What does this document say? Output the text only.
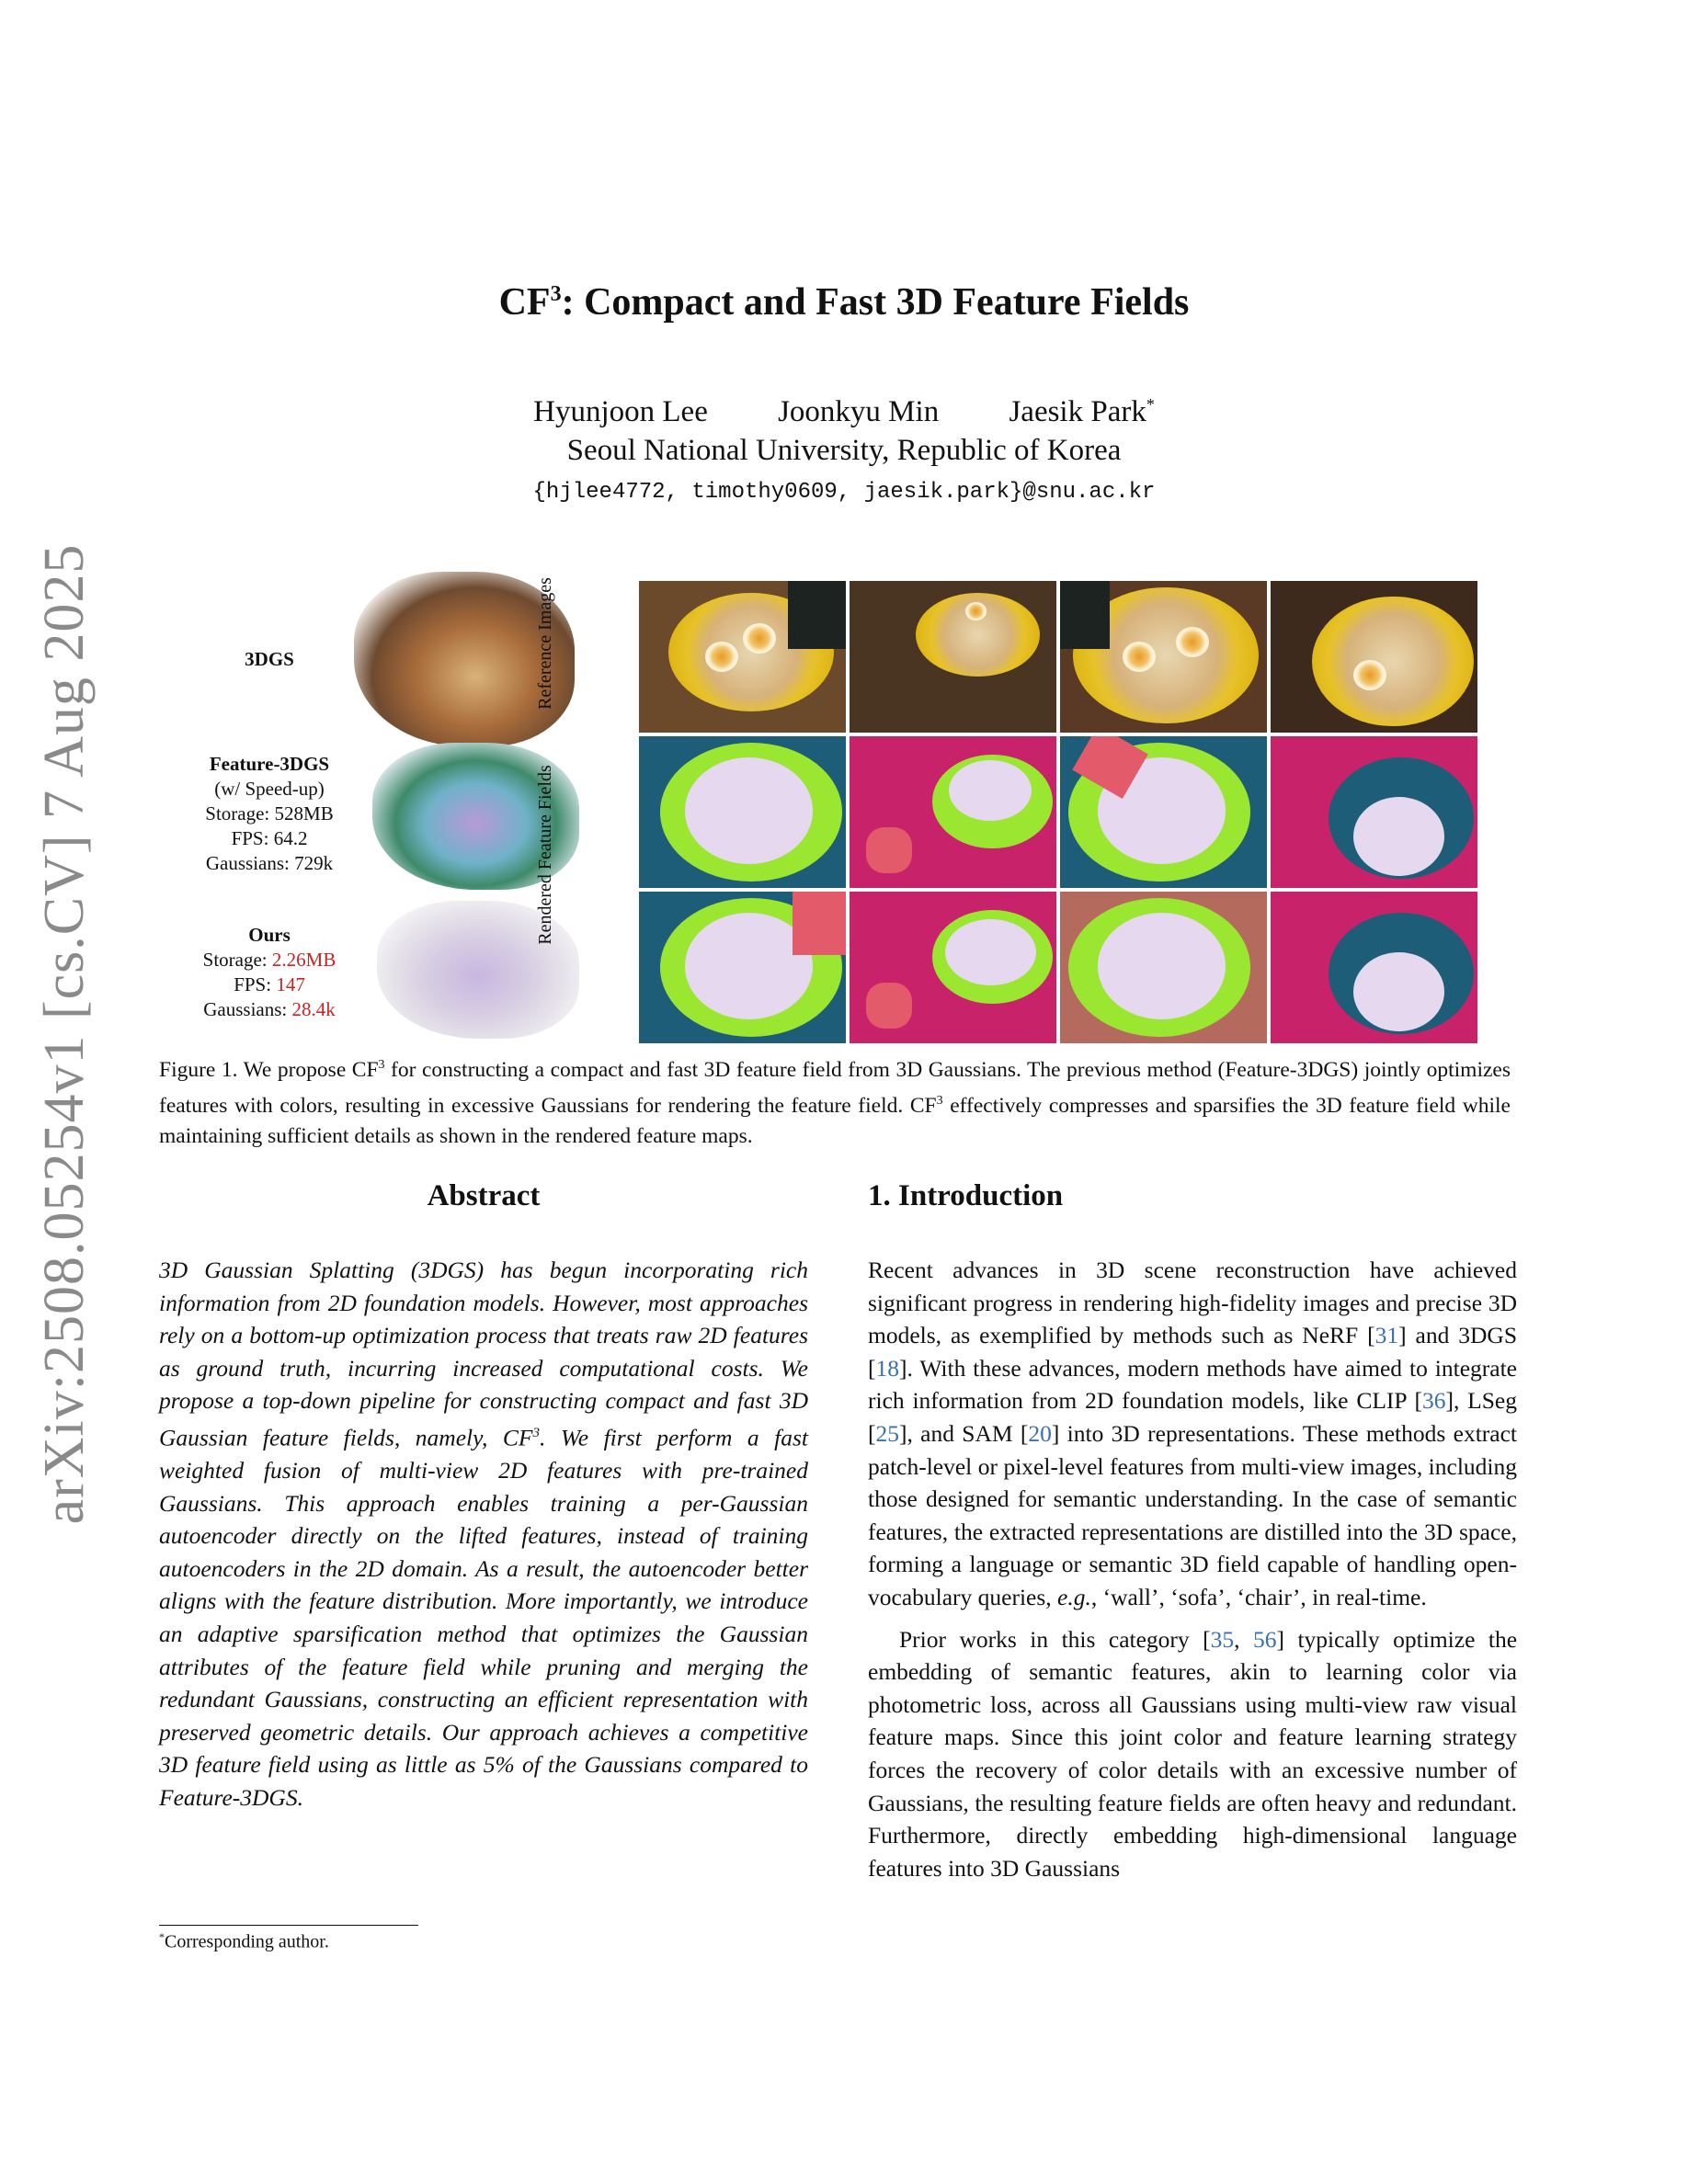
arXiv:2508.05254v1 [cs.CV] 7 Aug 2025
$CF^3$: Compact and Fast 3D Feature Fields
Hyunjoon Lee Joonkyu Min Jaesik Park*
Seoul National University, Republic of Korea
{hjlee4772, timothy0609, jaesik.park}@snu.ac.kr
3DGS
Feature-3DGS
(w/ Speed-up)
Storage: 528MB
FPS: 64.2
Gaussians: 729k
Ours
Storage: 2.26MB
FPS: 147
Gaussians: 28.4k
Reference Images
Rendered Feature Fields
Figure 1. We propose $CF^3$ for constructing a compact and fast 3D feature field from 3D Gaussians. The previous method (Feature-3DGS) jointly optimizes features with colors, resulting in excessive Gaussians for rendering the feature field. $CF^3$ effectively compresses and sparsifies the 3D feature field while maintaining sufficient details as shown in the rendered feature maps.
Abstract
3D Gaussian Splatting (3DGS) has begun incorporating rich information from 2D foundation models. However, most approaches rely on a bottom-up optimization process that treats raw 2D features as ground truth, incurring increased computational costs. We propose a top-down pipeline for constructing compact and fast 3D Gaussian feature fields, namely, $CF^3$. We first perform a fast weighted fusion of multi-view 2D features with pre-trained Gaussians. This approach enables training a per-Gaussian autoencoder directly on the lifted features, instead of training autoencoders in the 2D domain. As a result, the autoencoder better aligns with the feature distribution. More importantly, we introduce an adaptive sparsification method that optimizes the Gaussian attributes of the feature field while pruning and merging the redundant Gaussians, constructing an efficient representation with preserved geometric details. Our approach achieves a competitive 3D feature field using as little as 5% of the Gaussians compared to Feature-3DGS.
*Corresponding author.
1. Introduction

Recent advances in 3D scene reconstruction have achieved significant progress in rendering high-fidelity images and precise 3D models, as exemplified by methods such as NeRF [31] and 3DGS [18]. With these advances, modern methods have aimed to integrate rich information from 2D foundation models, like CLIP [36], LSeg [25], and SAM [20] into 3D representations. These methods extract patch-level or pixel-level features from multi-view images, including those designed for semantic understanding. In the case of semantic features, the extracted representations are distilled into the 3D space, forming a language or semantic 3D field capable of handling open-vocabulary queries, e.g., ‘wall’, ‘sofa’, ‘chair’, in real-time.

Prior works in this category [35, 56] typically optimize the embedding of semantic features, akin to learning color via photometric loss, across all Gaussians using multi-view raw visual feature maps. Since this joint color and feature learning strategy forces the recovery of color details with an excessive number of Gaussians, the resulting feature fields are often heavy and redundant. Furthermore, directly embedding high-dimensional language features into 3D Gaussians
